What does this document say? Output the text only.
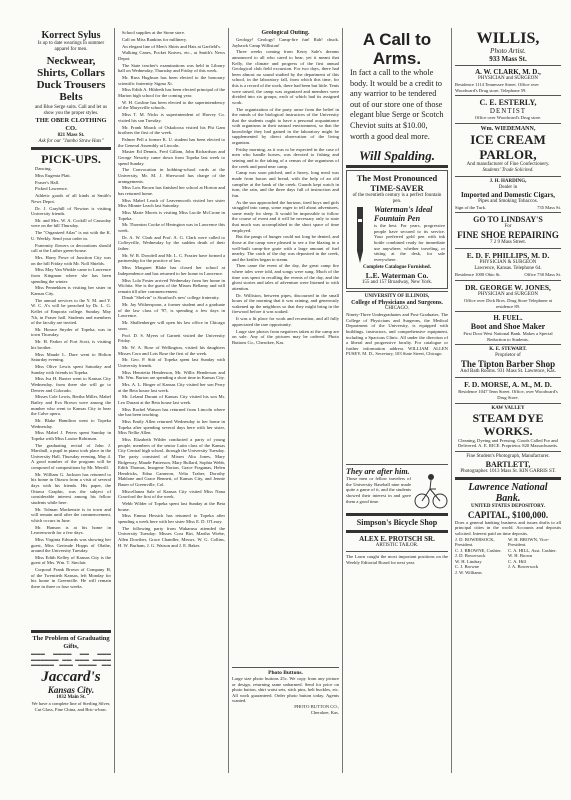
Korrect Sylus
Is up to date wearings in summer apparel for men.
Neckwear, Shirts, Collars Duck Trousers Belts
and Blue Serge suits. Call and let us show you the proper styles.
THE OBER CLOTHING CO.
821 Mass St.
Ask for our "Jumbo Straw Hats"
PICK-UPS.

Dancing.

Miss Eugenia Platt.

Fraser's Hall.

Picked Lawrence.

Athletic goods of all kinds at Smith's News Depot.

Dr. J. Grayhill of Newton is visiting University friends.

Mr. and Mrs. W. A. Cockill of Cassoday were on the hill Thursday.

The "Organized Atlas" is out with the K. U. Weekly. Send your order in.

Fraternity flowers or decorations should call at the Luther green-house.

Mrs. Harry Powe of Junction City was on the hill Friday with Mr. Noll Shields.

Miss May Van Winkle came to Lawrence from Kingman where she has been spending the winter.

Miss Pennekken is visiting her sister in Kansas City.

The annual services to the Y. M. and Y. W. C. A's will be preached by Dr. L. G. Kellet of Emporia college. Sunday. May 7th, in Fraser hall. Students and members of the faculty are invited.

Mr. Horace Snyder of Topeka, was in town Thursday.

Mr. H. Parker of Fort Scott, is visiting his brother.

Miss Maude L. Dare went to Holton Saturday evening.

Miss Olive Lewis spent Saturday and Sunday with friends in Topeka.

Miss Iva H. Baxter went to Kansas City Wednesday, from there she will go to Denver and Colorado.

Misses Cole Lewis, Bertha Miller, Mabel Bailey and Eva Brown were among the number who went to Kansas City to hear the Calve opera.

Mr. Blake Hamilton went to Topeka Wednesday.

Miss Mabel J. Peters spent Sunday in Topeka with Miss Louise Robinson.

The graduating recital of John J. Marshall, a pupil in piano took place in the University Hall, Thursday evening, May 4. A good number of the program will be composed of compositions by Mr. Merrill.

Mr. William G. Jackson has returned to his home in Ottawa from a visit of several days with his friends. His paper, the Ottawa Graphic, was the subject of considerable interest among his fellow students while here.

Mr. Tolman Mackenzie is in town and will remain until after the commencement, which occurs in June.

Mr. Hanson is at his home in Leavenworth for a few days.

Miss Virginia Edwards was showing her guest, Miss Gertrude Hopps of Olathe, around the University Tuesday.

Miss Edith Kelley of Kansas City is the guest of Mrs. Wm. T. Sinclair.

Corporal Frank Brown of Company H, of the Twentieth Kansas, left Monday for his home in Greenville. He will remain there in three or four weeks.

The Problem of Graduating Gifts,
▬▬▬ ▬▬▬▬ ▬▬ ▬▬▬ ▬▬▬▬▬▬ ▬▬ ▬▬▬ ▬▬▬▬ ▬▬▬▬▬ ▬▬▬ ▬▬▬▬ ▬▬
Jaccard's
Kansas City.
1032 Main St.
We have a complete line of Sterling Silver, Cut Glass, Fine China, and Bric-a-brac.

School supplies at the Stone store.

Call on Miss Rankins for millinery.

An elegant line of Men's Shirts and Hats at Garfield's.

Walking Canes, Pocket Knives, etc., at Smith's News Depot.

The State teacher's examinations was held in Library hall on Wednesday, Thursday and Friday of this week.

Mr. Russ Hughson has been elected to the honorary scientific fraternity Sigma Xi.

Miss Edith A. Hildreth has been elected principal of the Marion high school for the coming year.

W. H. Gosline has been elected to the superintendency of the Marysville schools.

Miss T. M. Nicks is superintendent of Harvey Co. visited his son Tuesday.

Mr. Frank Moack of Oskaloosa visited his Phi Gam brothers the first of the week.

Palmer Pell a former K. U. student has been elected to the General Assembly at Lincoln.

Master Ed Dennis, Fred Gillam, John Richardson and George Neswity came down from Topeka last week to spend Sunday.

The Convocation in bobbing-school cards at the University, Mr. M. J. Sherwood has charge of the arrangements.

Miss Lois Brown has finished her school at Horton and has returned home.

Miss Mabel Leach of Leavenworth visited her sister Miss Minnie Leach last Saturday.

Miss Marie Morris is visiting Miss Lucile McCrone in Topeka.

Mr. Thornton Cooke of Herington was in Lawrence this week.

Dr. A. W. Clark and Prof. A. G. Clark were called to Coffeyville, Wednesday by the sudden death of their father.

Mr. W. R. Dowdell and Mr. L. C. Frazier have formed a partnership for the practice of law.

Miss Margaret Blake has closed her school at Independence and has returned to her home in Lawrence.

Miss Lola Foster arrived Wednesday from her home in Wichita. She is the guest of the Misses Bellamy and will remain till after commencement.

Dinah "Shelvin" is Stratford's new' college fraternity.

Mr. Jay Witherspoon, a former student and a graduate of the law class of '97, is spending a few days in Lawrence.

Mr. Shallenberger will open his law office in Chicago soon.

Prof. D. S. Myers of Garnett visited the University Friday.

Mr. W. A. Rose of Wellington, visited his daughters Misses Cora and Lois Rose the first of the week.

Mr. Geo. P. Stitt of Topeka spent last Sunday with University friends.

Miss Henrietta Henderson, Mr. Willis Henderson and Mr. Wm. Burton are spending a short time in Kansas City.

Mrs. A. L. Binger of Kansas City visited her son Perry at the Beta house last week.

Mr. Leland Durant of Kansas City visited his son Mr. Leo Durant at the Beta house last week.

Miss Rachel Watson has returned from Lincoln where she has been teaching.

Miss Emily Allen returned Wednesday to her home in Topeka after spending several days here with her sister, Miss Nellie Allen.

Miss Elizabeth Wilder conducted a party of young people, members of the senior Latin class of the Kansas City Central high school, through the University Tuesday. The party consisted of Misses Alta Jones, Mary Ridgeway, Maude Patterson, Mary Bullard, Sophia Webb, Edith Thomas, Imogene Norton, Grace Fraganas, Helen Hendricks, Edna Cameron, Velia Traber, Dorothy Mahlone and Grace Bennett, of Kansas City, and Jennie Bauer of Greenville, Col.

Miscellanea Sale of Kansas City visited Miss Nana Crawford the first of the week.

Webb Wilder of Topeka spent last Sunday at the Beta house.

Miss Emma Hessick has returned to Topeka after spending a week here with her sister Miss E. D. O'Leary.

The following party from Wakarusa attended the University Tuesday: Misses Cora Birt, Martha Wiebe, Allen Dowther, Grace Chandler, Messrs. W. G. Collins, H. W. Burham, J. G. Watson and J. E. Baker.

Geological Outing.

Geology! Geology! Camp-fire fun! Rah! chuck. Jayhawk Camp Williston!

Three weeks coming from Kerry Sale's dreams announced to all who cared to hear, yet it meant that Kelly, the climate and progress of the first annual Geological club field excursion. For two days, there had been almost no sound studied by the department of this school, in the laboratory fall, from which this time, for this is a record of the work, there had been but little. Tents were raised, the camp was organized and members were divided into six groups, each of which had its assigned work.

The organization of the party arose from the belief in the minds of the biological instructors of the University that the students ought to have a personal acquaintance with organisms in their natural environment, so that the knowledge they had gained in the laboratory might be supplemented by direct observation of the living organism.

Friday morning, as it was to be expected in the case of men who handle horses, was devoted to fishing and seining and to the taking of a census of the organisms of the creek and pond near camp.

Camp was soon pitched, and a heavy, long meal was made from bacon and bread, with the help of an old campfire at the bank of the creek. Guards kept watch in turn, the rain, and the three days full of instruction and fun.

As the sun approached the horizon, tired boys and girls straggled into camp, some eager to tell about adventures, some ready for sleep. It would be impossible to follow the course of event and it will be necessary only to state that much was accomplished in the short space of time employed.

But the pangs of hunger could not long be denied, and those at the camp were pleased to see a fire blazing in a well-built camp-fire grate with a large amount of fuel nearby. The catch of the day was deposited in the creek, and the kettles began to steam.

Then came the event of the day, the great camp fire where tales were told, and songs were sung. Much of the time was spent in recalling the events of the day, and the ghost stories and tales of adventure were listened to with attention.

Dr. Williston, between pipes, discoursed in the small hours of the morning that it was raining, and generously wakened up the neighbors so that they might bring in the firewood before it was soaked.

It was a fit place for work and recreation, and all fully appreciated the rare opportunity.

Large size photos from negatives taken at the camp are on sale. Any of the pictures may be ordered. Photo Buttons Co., Cherokee, Kas.

Photo Buttons.
Large size photo buttons 25c. We copy from any picture or design, returning same unharmed. Send for price on photo button, shirt waist sets, stick pins, belt buckles, etc. All work guaranteed. Order photo button today. Agents wanted.
PHOTO BUTTON CO.,
Cherokee, Kas.
A Call to Arms.
In fact a call to the whole body. It would be a credit to any warrior to be tendered out of our store one of those elegant blue Serge or Scotch Cheviot suits at $10.00, worth a good deal more.
Will Spalding.
The Most Pronounced TIME-SAVER
of the twentieth century is a perfect fountain pen.
Waterman's Ideal Fountain Pen
is the best. For years, progressive people have secured to its service. Your preferred gold pen with ink bottle combined ready for immediate use anywhere, whether traveling, or sitting at the desk, for sale everywhere.
Complete Catalogue Furnished.
L.E. Waterman Co.
155 and 157 Broadway, New York.
UNIVERSITY OF ILLINOIS,
College of Physicians and Surgeons.
CHICAGO.
Ninety-Three Undergraduates and Post-Graduates. The College of Physicians and Surgeons, the Medical Department of the University, is equipped with buildings, instructors, and comprehensive equipment, including a Spacious Clinic. All under the direction of a liberal and progressive faculty. For catalogue or further information address WILLIAM ALLEN PUSEY, M. D., Secretary, 103 State Street, Chicago.
They are after him.
Those men or fellow travelers of the University Baseball nine made quite a game of it, and the students showed their interest in and gave them a good time.
Simpson's Bicycle Shop
ALEX E. PROTSCH SR.
ARTISTIC TAILOR.
The Lawn caught the most important positions on the Weekly Editorial Board for next year.
WILLIS,
Photo Artist.
933 Mass St.
A. W. CLARK, M. D.,
PHYSICIAN and SURGEON
Residence 1114 Tennessee Street. Office over Woodward's Drug store, Telephone 59.
C. E. ESTERLY,
DENTIST
Office over Woodward's Drug store.
Wm. WIEDEMANN,
ICE CREAM PARLOR,
And manufacturer of Fine Confectionery.
Students' Trade Solicited.
J. H. HARDING,
Dealer in
Imported and Domestic Cigars,
Pipes and Smoking Tobaccos.
Sign of the Turk.	735 Mass St.
GO TO LINDSAY'S
For
FINE SHOE REPAIRING
7 2 9 Mass Street.
E. D. F. PHILLIPS, M. D.
PHYSICIAN & SURGEON
Lawrence, Kansas. Telephone 64.
Residence 1000 Ohio St.	Office 730 Mass St.
DR. GEORGE W. JONES,
PHYSICIAN and SURGEON
Office over Dick Bros. Drug Store Telephone at residence 89.
H. FUEL.
Boot and Shoe Maker
First Door West National Bank. Makes a Special Reduction to Students.
K. E. STEWART.
Proprietor of
The Tipton Barber Shop
And Bath Rooms. 931 Mass St. Lawrence, Kas.
F. D. MORSE, A. M., M. D.
Residence 1047 Tenn Street. Office, over Woodward's Drug Store.
KAW VALLEY
STEAM DYE WORKS.
Cleaning, Dyeing and Pressing. Goods Called For and Delivered. A. E. RICE. Proprietor. 820 Massachusetts.
Fine Student's Photograph, Manufacturer.
BARTLETT,
Photographer. 1013 Mass St. KIN GARRIS ST.
Lawrence National Bank.
UNITED STATES DEPOSITORY.
CAPITAL, $100,000.
Does a general banking business and issues drafts to all principal cities in the world. Accounts and deposits solicited. Interest paid on time deposits.
J. D. BOWERSOCK, President.
W. H. BROWN, Vice-President.
C. J. BROWNE, Cashier.	C. A. HILL, Asst. Cashier.
J. D. Bowersock	W. H. Brown
W. H. Lindsay	C. A. Hill
C. J. Browne	J. A. Bowersock
J. W. Williams
